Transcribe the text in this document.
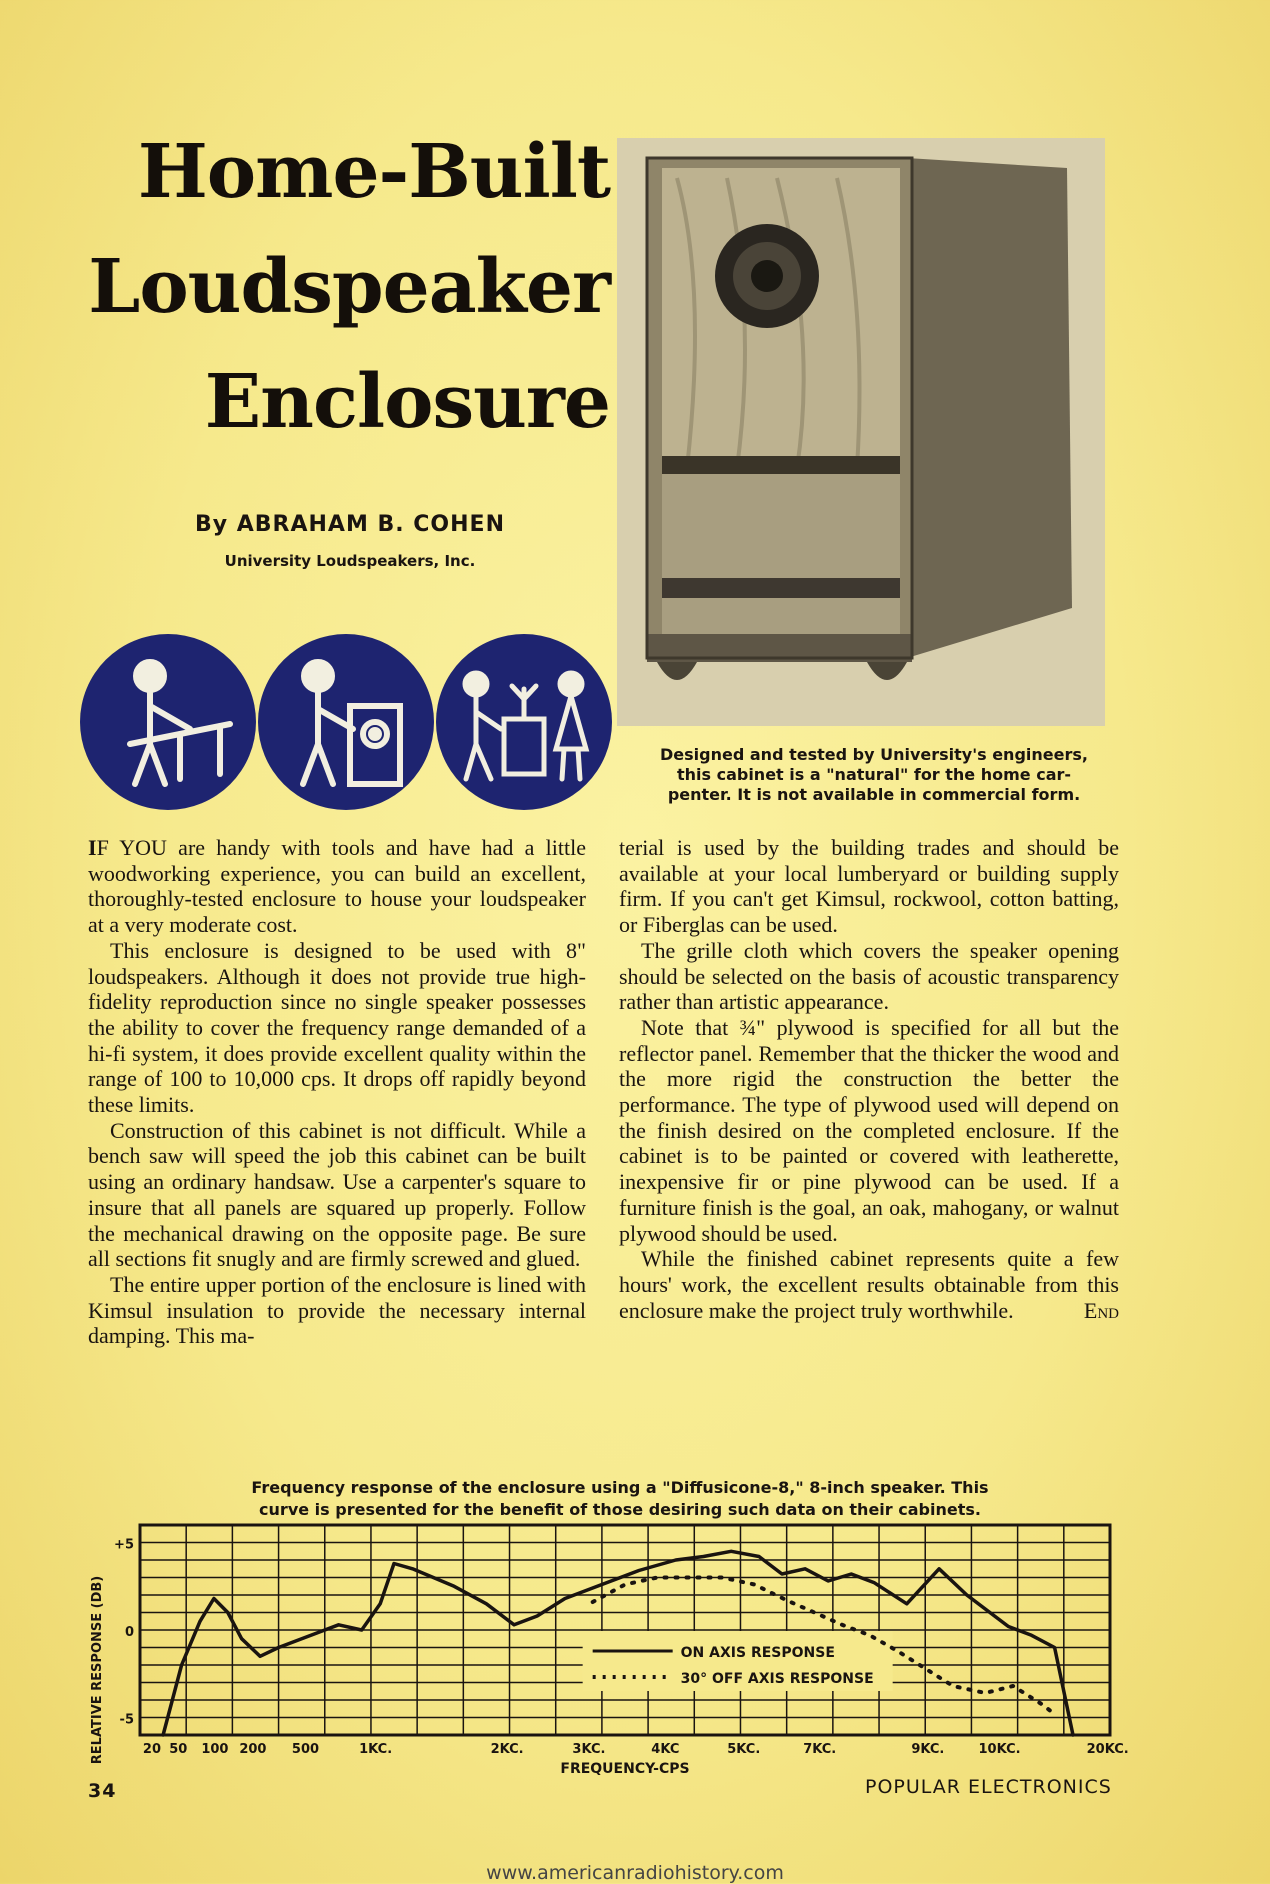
Home-Built
Loudspeaker
Enclosure
By ABRAHAM B. COHEN
University Loudspeakers, Inc.
Designed and tested by University's engineers,
this cabinet is a "natural" for the home car-
penter. It is not available in commercial form.

IF YOU are handy with tools and have had a little woodworking experience, you can build an excellent, thoroughly-tested enclosure to house your loudspeaker at a very moderate cost.

This enclosure is designed to be used with 8" loudspeakers. Although it does not provide true high-fidelity reproduction since no single speaker possesses the ability to cover the frequency range demanded of a hi-fi system, it does provide excellent quality within the range of 100 to 10,000 cps. It drops off rapidly beyond these limits.

Construction of this cabinet is not difficult. While a bench saw will speed the job this cabinet can be built using an ordinary handsaw. Use a carpenter's square to insure that all panels are squared up properly. Follow the mechanical drawing on the opposite page. Be sure all sections fit snugly and are firmly screwed and glued.

The entire upper portion of the enclosure is lined with Kimsul insulation to provide the necessary internal damping. This ma-

terial is used by the building trades and should be available at your local lumberyard or building supply firm. If you can't get Kimsul, rockwool, cotton batting, or Fiberglas can be used.

The grille cloth which covers the speaker opening should be selected on the basis of acoustic transparency rather than artistic appearance.

Note that ¾" plywood is specified for all but the reflector panel. Remember that the thicker the wood and the more rigid the construction the better the performance. The type of plywood used will depend on the finish desired on the completed enclosure. If the cabinet is to be painted or covered with leatherette, inexpensive fir or pine plywood can be used. If a furniture finish is the goal, an oak, mahogany, or walnut plywood should be used.

While the finished cabinet represents quite a few hours' work, the excellent results obtainable from this enclosure make the project truly worthwhile.	End

Frequency response of the enclosure using a "Diffusicone-8," 8-inch speaker. This
curve is presented for the benefit of those desiring such data on their cabinets.
ON AXIS RESPONSE
30° OFF AXIS RESPONSE
+5
0
-5
RELATIVE RESPONSE (DB)	20 50 100 200 500	1KC.	2KC.	3KC.	4KC	5KC.	7KC.	9KC.	10KC.	20KC.
FREQUENCY-CPS
34	POPULAR ELECTRONICS
www.americanradiohistory.com
